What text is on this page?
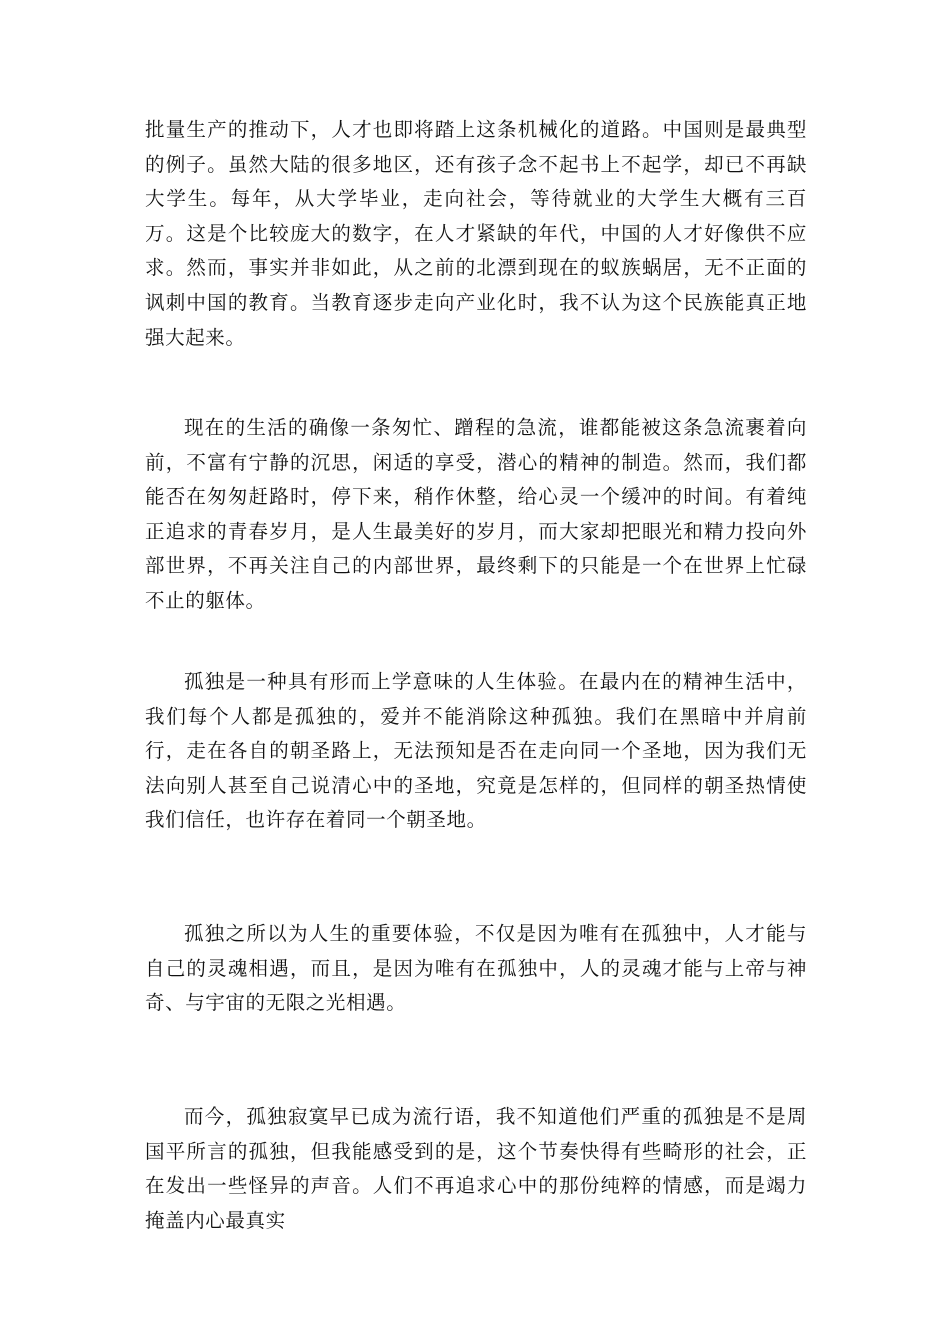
批量生产的推动下，人才也即将踏上这条机械化的道路。中国则是最典型的例子。虽然大陆的很多地区，还有孩子念不起书上不起学，却已不再缺大学生。每年，从大学毕业，走向社会，等待就业的大学生大概有三百万。这是个比较庞大的数字，在人才紧缺的年代，中国的人才好像供不应求。然而，事实并非如此，从之前的北漂到现在的蚁族蜗居，无不正面的讽刺中国的教育。当教育逐步走向产业化时，我不认为这个民族能真正地强大起来。

现在的生活的确像一条匆忙、蹭程的急流，谁都能被这条急流裹着向前，不富有宁静的沉思，闲适的享受，潜心的精神的制造。然而，我们都能否在匆匆赶路时，停下来，稍作休整，给心灵一个缓冲的时间。有着纯正追求的青春岁月，是人生最美好的岁月，而大家却把眼光和精力投向外部世界，不再关注自己的内部世界，最终剩下的只能是一个在世界上忙碌不止的躯体。

孤独是一种具有形而上学意味的人生体验。在最内在的精神生活中，我们每个人都是孤独的，爱并不能消除这种孤独。我们在黑暗中并肩前行，走在各自的朝圣路上，无法预知是否在走向同一个圣地，因为我们无法向别人甚至自己说清心中的圣地，究竟是怎样的，但同样的朝圣热情使我们信任，也许存在着同一个朝圣地。

孤独之所以为人生的重要体验，不仅是因为唯有在孤独中，人才能与自己的灵魂相遇，而且，是因为唯有在孤独中，人的灵魂才能与上帝与神奇、与宇宙的无限之光相遇。

而今，孤独寂寞早已成为流行语，我不知道他们严重的孤独是不是周国平所言的孤独，但我能感受到的是，这个节奏快得有些畸形的社会，正在发出一些怪异的声音。人们不再追求心中的那份纯粹的情感，而是竭力掩盖内心最真实
